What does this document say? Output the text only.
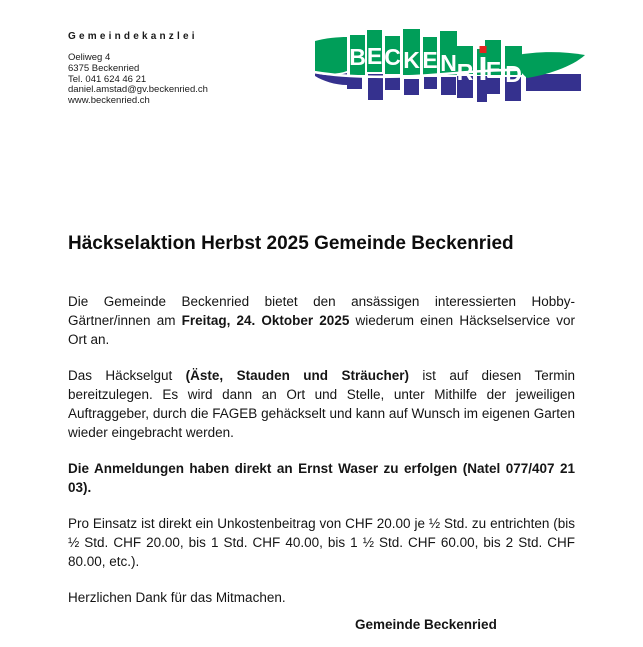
Gemeindekanzlei
Oeliweg 4
6375 Beckenried
Tel. 041 624 46 21
daniel.amstad@gv.beckenried.ch
www.beckenried.ch
B E C K E N R I
E D
Häckselaktion Herbst 2025 Gemeinde Beckenried

Die Gemeinde Beckenried bietet den ansässigen interessierten Hobby-Gärtner/innen am Freitag, 24. Oktober 2025 wiederum einen Häckselservice vor Ort an.

Das Häckselgut (Äste, Stauden und Sträucher) ist auf diesen Termin bereitzulegen. Es wird dann an Ort und Stelle, unter Mithilfe der jeweiligen Auftraggeber, durch die FAGEB gehäckselt und kann auf Wunsch im eigenen Garten wieder eingebracht werden.

Die Anmeldungen haben direkt an Ernst Waser zu erfolgen (Natel 077/407 21 03).

Pro Einsatz ist direkt ein Unkostenbeitrag von CHF 20.00 je ½ Std. zu entrichten (bis ½ Std. CHF 20.00, bis 1 Std. CHF 40.00, bis 1 ½ Std. CHF 60.00, bis 2 Std. CHF 80.00, etc.).

Herzlichen Dank für das Mitmachen.

Gemeinde Beckenried
